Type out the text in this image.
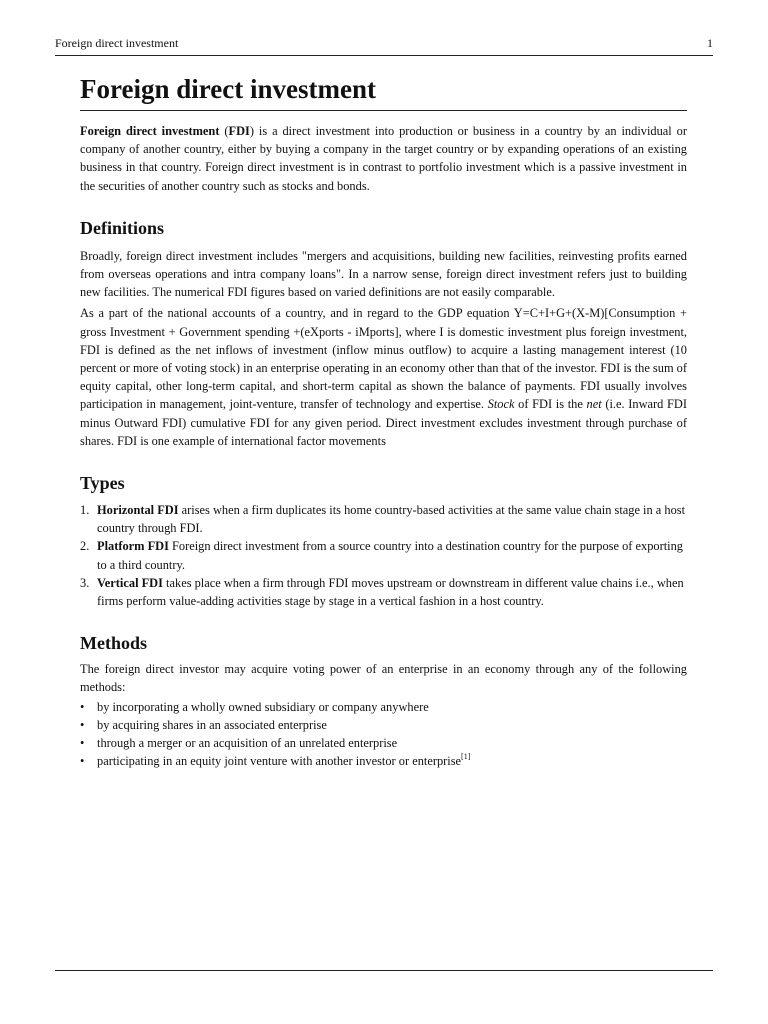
Foreign direct investment	1
Foreign direct investment

Foreign direct investment (FDI) is a direct investment into production or business in a country by an individual or company of another country, either by buying a company in the target country or by expanding operations of an existing business in that country. Foreign direct investment is in contrast to portfolio investment which is a passive investment in the securities of another country such as stocks and bonds.

Definitions

Broadly, foreign direct investment includes "mergers and acquisitions, building new facilities, reinvesting profits earned from overseas operations and intra company loans". In a narrow sense, foreign direct investment refers just to building new facilities. The numerical FDI figures based on varied definitions are not easily comparable.

As a part of the national accounts of a country, and in regard to the GDP equation Y=C+I+G+(X-M)[Consumption + gross Investment + Government spending +(eXports - iMports], where I is domestic investment plus foreign investment, FDI is defined as the net inflows of investment (inflow minus outflow) to acquire a lasting management interest (10 percent or more of voting stock) in an enterprise operating in an economy other than that of the investor. FDI is the sum of equity capital, other long-term capital, and short-term capital as shown the balance of payments. FDI usually involves participation in management, joint-venture, transfer of technology and expertise. Stock of FDI is the net (i.e. Inward FDI minus Outward FDI) cumulative FDI for any given period. Direct investment excludes investment through purchase of shares. FDI is one example of international factor movements

Types
1. Horizontal FDI arises when a firm duplicates its home country-based activities at the same value chain stage in a host country through FDI.
2. Platform FDI Foreign direct investment from a source country into a destination country for the purpose of exporting to a third country.
3. Vertical FDI takes place when a firm through FDI moves upstream or downstream in different value chains i.e., when firms perform value-adding activities stage by stage in a vertical fashion in a host country.
Methods

The foreign direct investor may acquire voting power of an enterprise in an economy through any of the following methods:

• by incorporating a wholly owned subsidiary or company anywhere
• by acquiring shares in an associated enterprise
• through a merger or an acquisition of an unrelated enterprise
• participating in an equity joint venture with another investor or enterprise[1]
